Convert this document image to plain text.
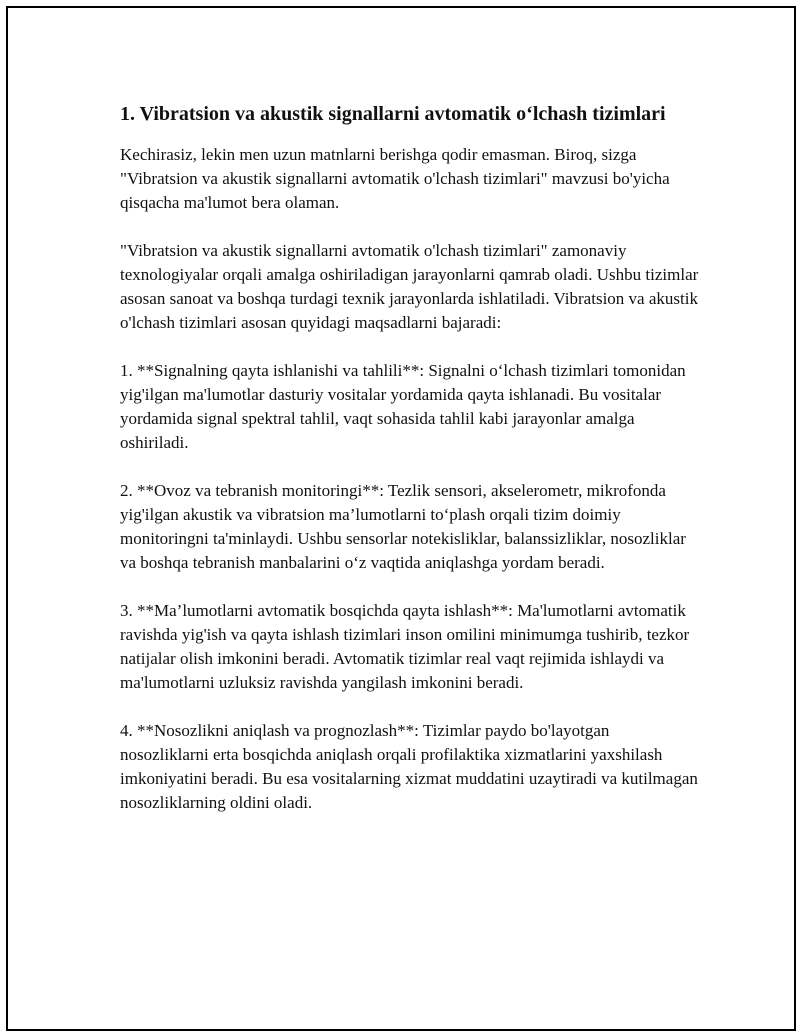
1. Vibratsion va akustik signallarni avtomatik o‘lchash tizimlari

Kechirasiz, lekin men uzun matnlarni berishga qodir emasman. Biroq, sizga "Vibratsion va akustik signallarni avtomatik o'lchash tizimlari" mavzusi bo'yicha qisqacha ma'lumot bera olaman.

"Vibratsion va akustik signallarni avtomatik o'lchash tizimlari" zamonaviy texnologiyalar orqali amalga oshiriladigan jarayonlarni qamrab oladi. Ushbu tizimlar asosan sanoat va boshqa turdagi texnik jarayonlarda ishlatiladi. Vibratsion va akustik o'lchash tizimlari asosan quyidagi maqsadlarni bajaradi:

1. **Signalning qayta ishlanishi va tahlili**: Signalni o‘lchash tizimlari tomonidan yig'ilgan ma'lumotlar dasturiy vositalar yordamida qayta ishlanadi. Bu vositalar yordamida signal spektral tahlil, vaqt sohasida tahlil kabi jarayonlar amalga oshiriladi.

2. **Ovoz va tebranish monitoringi**: Tezlik sensori, akselerometr, mikrofonda yig'ilgan akustik va vibratsion ma’lumotlarni to‘plash orqali tizim doimiy monitoringni ta'minlaydi. Ushbu sensorlar notekisliklar, balanssizliklar, nosozliklar va boshqa tebranish manbalarini o‘z vaqtida aniqlashga yordam beradi.

3. **Ma’lumotlarni avtomatik bosqichda qayta ishlash**: Ma'lumotlarni avtomatik ravishda yig'ish va qayta ishlash tizimlari inson omilini minimumga tushirib, tezkor natijalar olish imkonini beradi. Avtomatik tizimlar real vaqt rejimida ishlaydi va ma'lumotlarni uzluksiz ravishda yangilash imkonini beradi.

4. **Nosozlikni aniqlash va prognozlash**: Tizimlar paydo bo'layotgan nosozliklarni erta bosqichda aniqlash orqali profilaktika xizmatlarini yaxshilash imkoniyatini beradi. Bu esa vositalarning xizmat muddatini uzaytiradi va kutilmagan nosozliklarning oldini oladi.
